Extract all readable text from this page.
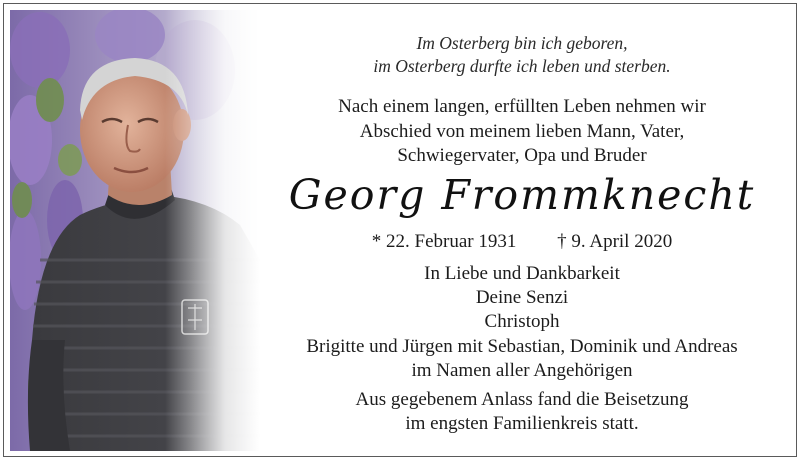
Im Osterberg bin ich geboren,
im Osterberg durfte ich leben und sterben.
Nach einem langen, erfüllten Leben nehmen wir
Abschied von meinem lieben Mann, Vater,
Schwiegervater, Opa und Bruder
Georg Frommknecht
* 22. Februar 1931 † 9. April 2020
In Liebe und Dankbarkeit
Deine Senzi
Christoph
Brigitte und Jürgen mit Sebastian, Dominik und Andreas
im Namen aller Angehörigen
Aus gegebenem Anlass fand die Beisetzung
im engsten Familienkreis statt.
